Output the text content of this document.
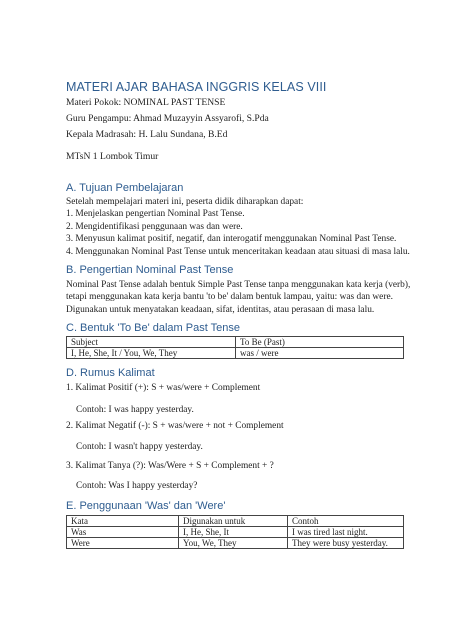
MATERI AJAR BAHASA INGGRIS KELAS VIII
Materi Pokok: NOMINAL PAST TENSE
Guru Pengampu: Ahmad Muzayyin Assyarofi, S.Pda
Kepala Madrasah: H. Lalu Sundana, B.Ed
MTsN 1 Lombok Timur
A. Tujuan Pembelajaran
Setelah mempelajari materi ini, peserta didik diharapkan dapat:
1. Menjelaskan pengertian Nominal Past Tense.
2. Mengidentifikasi penggunaan was dan were.
3. Menyusun kalimat positif, negatif, dan interogatif menggunakan Nominal Past Tense.
4. Menggunakan Nominal Past Tense untuk menceritakan keadaan atau situasi di masa lalu.
B. Pengertian Nominal Past Tense
Nominal Past Tense adalah bentuk Simple Past Tense tanpa menggunakan kata kerja (verb),
tetapi menggunakan kata kerja bantu 'to be' dalam bentuk lampau, yaitu: was dan were.
Digunakan untuk menyatakan keadaan, sifat, identitas, atau perasaan di masa lalu.
C. Bentuk 'To Be' dalam Past Tense
Subject	To Be (Past)
I, He, She, It / You, We, They	was / were
D. Rumus Kalimat
1. Kalimat Positif (+): S + was/were + Complement
Contoh: I was happy yesterday.
2. Kalimat Negatif (-): S + was/were + not + Complement
Contoh: I wasn't happy yesterday.
3. Kalimat Tanya (?): Was/Were + S + Complement + ?
Contoh: Was I happy yesterday?
E. Penggunaan 'Was' dan 'Were'
Kata	Digunakan untuk	Contoh
Was	I, He, She, It	I was tired last night.
Were	You, We, They	They were busy yesterday.
